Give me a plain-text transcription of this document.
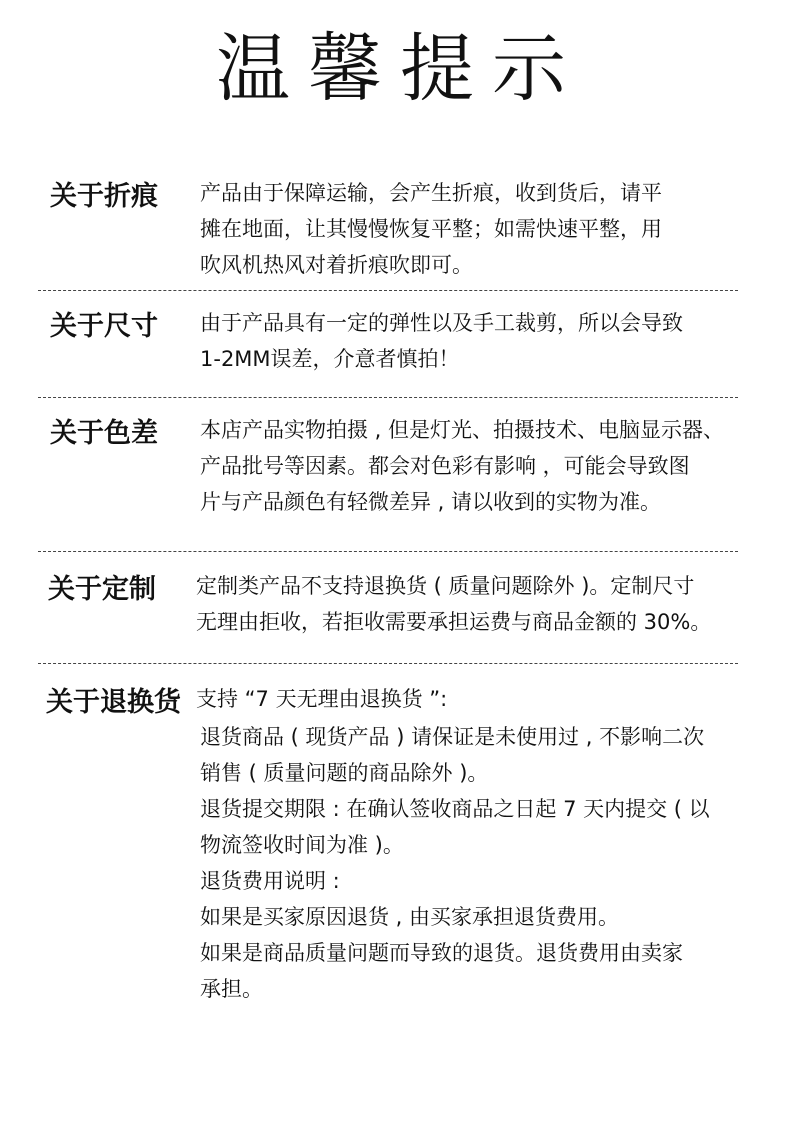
温馨提示
关于折痕 产品由于保障运输，会产生折痕，收到货后，请平

摊在地面，让其慢慢恢复平整；如需快速平整，用

吹风机热风对着折痕吹即可。

关于尺寸 由于产品具有一定的弹性以及手工裁剪，所以会导致

1-2MM误差，介意者慎拍！

关于色差 本店产品实物拍摄 , 但是灯光、拍摄技术、电脑显示器、

产品批号等因素。都会对色彩有影响 ，可能会导致图

片与产品颜色有轻微差异 , 请以收到的实物为准。

关于定制 定制类产品不支持退换货 ( 质量问题除外 )。定制尺寸

无理由拒收，若拒收需要承担运费与商品金额的 30%。

关于退换货 支持 “7 天无理由退换货 ”:

退货商品 ( 现货产品 ) 请保证是未使用过 , 不影响二次

销售 ( 质量问题的商品除外 )。

退货提交期限 : 在确认签收商品之日起 7 天内提交 ( 以

物流签收时间为准 )。

退货费用说明 :

如果是买家原因退货 , 由买家承担退货费用。

如果是商品质量问题而导致的退货。退货费用由卖家

承担。
